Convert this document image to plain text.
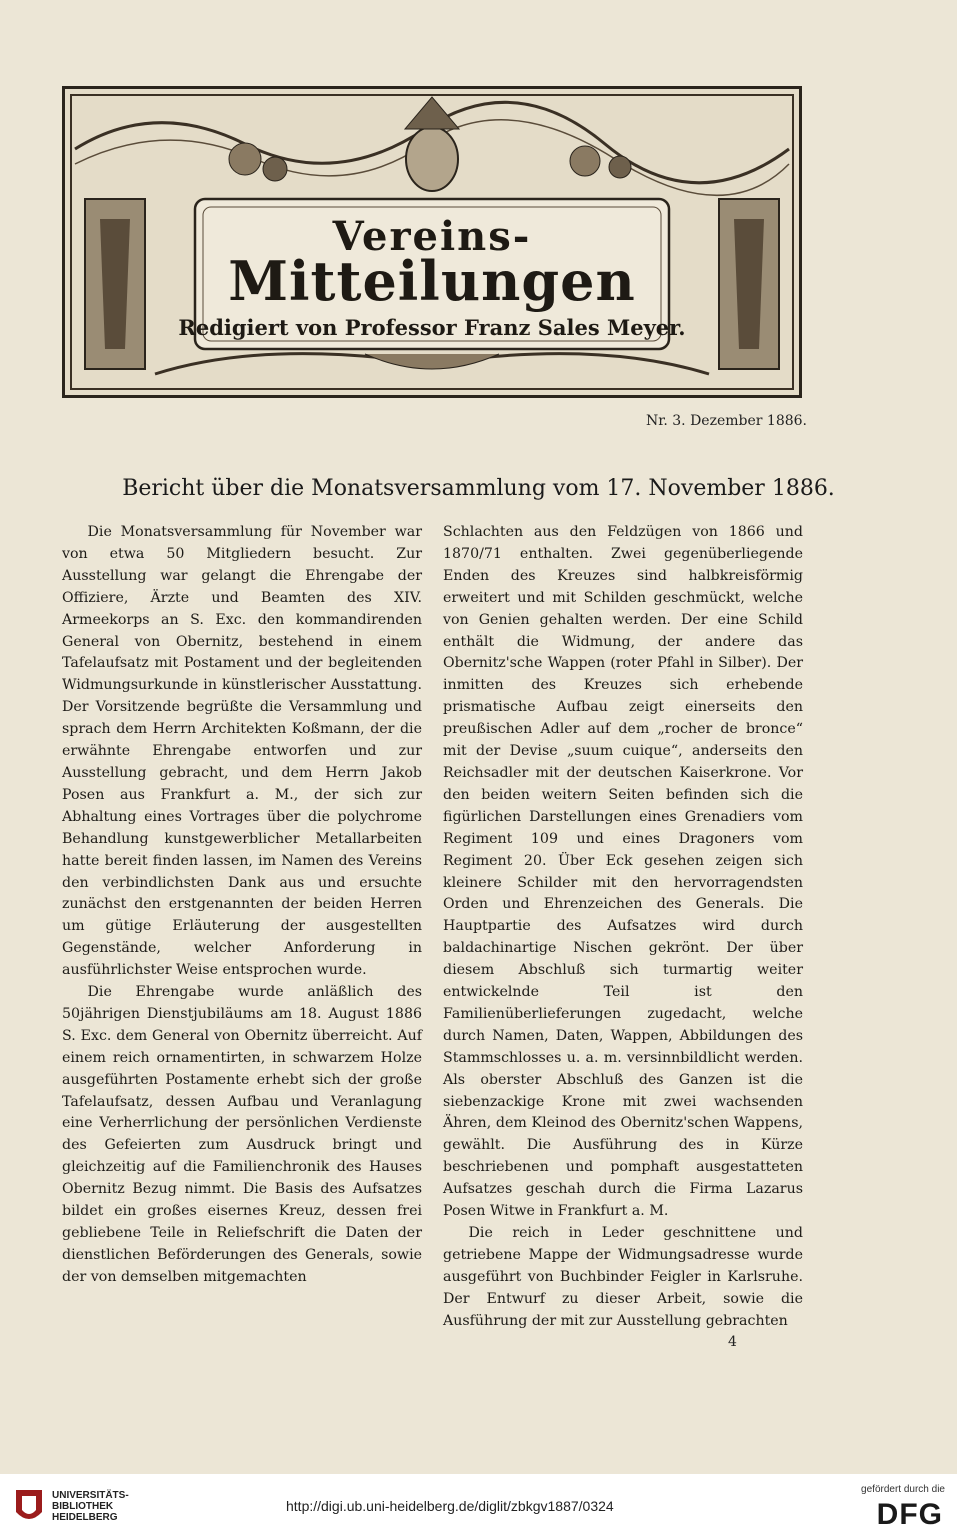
Vereins-
Mitteilungen
Redigiert von Professor Franz Sales Meyer.
Nr. 3. Dezember 1886.
Bericht über die Monatsversammlung vom 17. November 1886.

Die Monatsversammlung für November war von etwa 50 Mitgliedern besucht. Zur Ausstellung war gelangt die Ehrengabe der Offiziere, Ärzte und Beamten des XIV. Armeekorps an S. Exc. den kommandirenden General von Obernitz, bestehend in einem Tafelaufsatz mit Postament und der begleitenden Widmungsurkunde in künstlerischer Ausstattung. Der Vorsitzende begrüßte die Versammlung und sprach dem Herrn Architekten Koßmann, der die erwähnte Ehrengabe entworfen und zur Ausstellung gebracht, und dem Herrn Jakob Posen aus Frankfurt a. M., der sich zur Abhaltung eines Vortrages über die polychrome Behandlung kunstgewerblicher Metallarbeiten hatte bereit finden lassen, im Namen des Vereins den verbindlichsten Dank aus und ersuchte zunächst den erstgenannten der beiden Herren um gütige Erläuterung der ausgestellten Gegenstände, welcher Anforderung in ausführlichster Weise entsprochen wurde.

Die Ehrengabe wurde anläßlich des 50jährigen Dienstjubiläums am 18. August 1886 S. Exc. dem General von Obernitz überreicht. Auf einem reich ornamentirten, in schwarzem Holze ausgeführten Postamente erhebt sich der große Tafelaufsatz, dessen Aufbau und Veranlagung eine Verherrlichung der persönlichen Verdienste des Gefeierten zum Ausdruck bringt und gleichzeitig auf die Familienchronik des Hauses Obernitz Bezug nimmt. Die Basis des Aufsatzes bildet ein großes eisernes Kreuz, dessen frei gebliebene Teile in Reliefschrift die Daten der dienstlichen Beförderungen des Generals, sowie der von demselben mitgemachten

Schlachten aus den Feldzügen von 1866 und 1870/71 enthalten. Zwei gegenüberliegende Enden des Kreuzes sind halbkreisförmig erweitert und mit Schilden geschmückt, welche von Genien gehalten werden. Der eine Schild enthält die Widmung, der andere das Obernitz'sche Wappen (roter Pfahl in Silber). Der inmitten des Kreuzes sich erhebende prismatische Aufbau zeigt einerseits den preußischen Adler auf dem „rocher de bronce“ mit der Devise „suum cuique“, anderseits den Reichsadler mit der deutschen Kaiserkrone. Vor den beiden weitern Seiten befinden sich die figürlichen Darstellungen eines Grenadiers vom Regiment 109 und eines Dragoners vom Regiment 20. Über Eck gesehen zeigen sich kleinere Schilder mit den hervorragendsten Orden und Ehrenzeichen des Generals. Die Hauptpartie des Aufsatzes wird durch baldachinartige Nischen gekrönt. Der über diesem Abschluß sich turmartig weiter entwickelnde Teil ist den Familienüberlieferungen zugedacht, welche durch Namen, Daten, Wappen, Abbildungen des Stammschlosses u. a. m. versinnbildlicht werden. Als oberster Abschluß des Ganzen ist die siebenzackige Krone mit zwei wachsenden Ähren, dem Kleinod des Obernitz'schen Wappens, gewählt. Die Ausführung des in Kürze beschriebenen und pomphaft ausgestatteten Aufsatzes geschah durch die Firma Lazarus Posen Witwe in Frankfurt a. M.

Die reich in Leder geschnittene und getriebene Mappe der Widmungsadresse wurde ausgeführt von Buchbinder Feigler in Karlsruhe. Der Entwurf zu dieser Arbeit, sowie die Ausführung der mit zur Ausstellung gebrachten

4
UNIVERSITÄTS-
BIBLIOTHEK
HEIDELBERG
http://digi.ub.uni-heidelberg.de/diglit/zbkgv1887/0324
gefördert durch die
DFG
